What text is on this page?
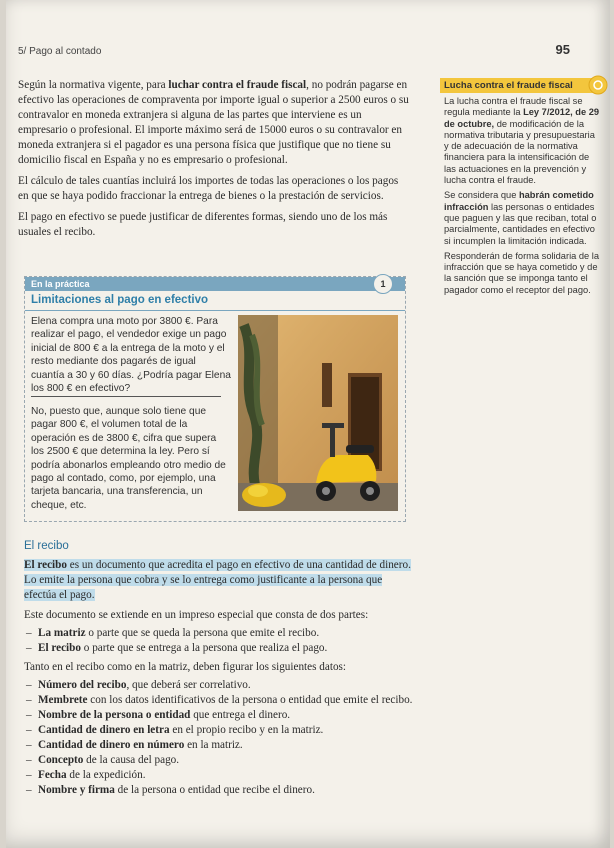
5/ Pago al contado	95

Según la normativa vigente, para luchar contra el fraude fiscal, no podrán pagarse en efectivo las operaciones de compraventa por importe igual o superior a 2500 euros o su contravalor en moneda extranjera si alguna de las partes que interviene es un empresario o profesional. El importe máximo será de 15000 euros o su contravalor en moneda extranjera si el pagador es una persona física que justifique que no tiene su domicilio fiscal en España y no es empresario o profesional.

El cálculo de tales cuantías incluirá los importes de todas las operaciones o los pagos en que se haya podido fraccionar la entrega de bienes o la prestación de servicios.

El pago en efectivo se puede justificar de diferentes formas, siendo uno de los más usuales el recibo.

En la práctica	1
Limitaciones al pago en efectivo
Elena compra una moto por 3800 €. Para realizar el pago, el vendedor exige un pago inicial de 800 € a la entrega de la moto y el resto mediante dos pagarés de igual cuantía a 30 y 60 días. ¿Podría pagar Elena los 800 € en efectivo?
No, puesto que, aunque solo tiene que pagar 800 €, el volumen total de la operación es de 3800 €, cifra que supera los 2500 € que determina la ley. Pero sí podría abonarlos empleando otro medio de pago al contado, como, por ejemplo, una tarjeta bancaria, una transferencia, un cheque, etc.
El recibo
El recibo es un documento que acredita el pago en efectivo de una cantidad de dinero. Lo emite la persona que cobra y se lo entrega como justificante a la persona que efectúa el pago.

Este documento se extiende en un impreso especial que consta de dos partes:

– La matriz o parte que se queda la persona que emite el recibo.
– El recibo o parte que se entrega a la persona que realiza el pago.

Tanto en el recibo como en la matriz, deben figurar los siguientes datos:

– Número del recibo, que deberá ser correlativo.
– Membrete con los datos identificativos de la persona o entidad que emite el recibo.
– Nombre de la persona o entidad que entrega el dinero.
– Cantidad de dinero en letra en el propio recibo y en la matriz.
– Cantidad de dinero en número en la matriz.
– Concepto de la causa del pago.
– Fecha de la expedición.
– Nombre y firma de la persona o entidad que recibe el dinero.
Lucha contra el fraude fiscal

La lucha contra el fraude fiscal se regula mediante la Ley 7/2012, de 29 de octubre, de modificación de la normativa tributaria y presupuestaria y de adecuación de la normativa financiera para la intensificación de las actuaciones en la prevención y lucha contra el fraude.

Se considera que habrán cometido infracción las personas o entidades que paguen y las que reciban, total o parcialmente, cantidades en efectivo si incumplen la limitación indicada.

Responderán de forma solidaria de la infracción que se haya cometido y de la sanción que se imponga tanto el pagador como el receptor del pago.
